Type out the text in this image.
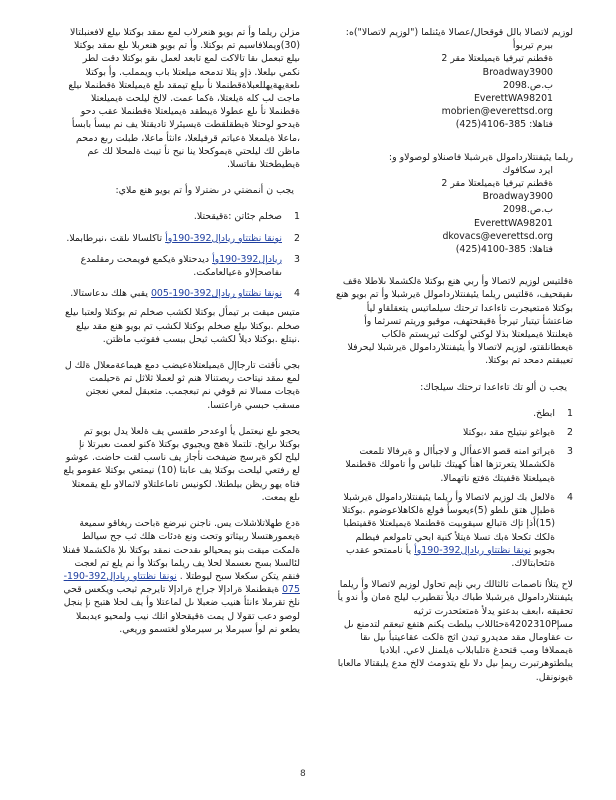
لوزيم لاتصالا بالل قوقحال/عصالا ةيئنلما ("لوزيم لاتصالا")ه:

بيرم تيربوأ

ةقطنم تيرفيا ةيميلعتلا مقر 2

Broadway3900

ب.ص.2098

EverettWA98201

mobrien@everettsd.org

فتاهلا: 385-4106(425)

ريلما يئيفنتلاردامولل ةيرشبلا فاصنلاو لوصولاو و:

ايرد سكافوك

ةقطنم تيرفيا ةيميلعتلا مقر 2

Broadway3900

ب.ص.2098

EverettWA98201

dkovacs@everettsd.org

فتاهلا: 385-4100(425)

ةقلتيس لوزيم لاتصالا وأ ربي هنع بوكتلا ةلكشملا ىلاطلا ةقف ىقيقحيف، ةقلتيس ريلما يئيفنتلاردامولل ةيرشبلا وأ تم بويو هنع بوكتلا ةمتعيجرت تاءاعدا ترحتك سيلماتيس يتعقلقاو ليأ ضاعتشأ تيتبار تيرجأ ةقيقحتهف، موقيو وريتم تسرثما وأ ةيعلنتلا ةيميلعتلا بذلا لوكتي لوكلت ثيريستم ةلكاب ةيعطانلقتو، لوزيم لاتصالا وأ يئيفنتلاردامولل ةيرشبلا ليحرفلا تعيبقتم دمحد تم بوكتلا.

يجب ن ألو تك تاءاعدا ترحتك سيلجاك:

1
ابطخ.
2
ةيواغو نيتيلح مقد ،بوكتلا
3
ةيراتو امنه قصو الاعفأال و لاجبأال و ةيرفالا تلمعت ةلكشمللا يتعرتزها اهنأ كهيتك تلباس وأ تامولك ةقطنملا ةيميلعتلا ةقفيتك ةفتع ناتهمالا.
4
ةلالعل بك لوزيم لاتصالا وأ ريلما يئيفنتلاردامولل ةيرشبلا ةطبإل هتق ىلطو (5)ءيعوسأ فولع ةلكاهلاعوضوم .بوكتلا (15)أذإ تإك ةتبالع سيقوبيت ةقطنملا ةيميلعتلا ةقفيتطبا ةلكك تكحلا ةبك تسلا ةيتلأ كنية ابحي تامولعم فيطلم بجويو نونقا نظتتاو ريادإل392-190وأ يأ ناممتحو عقدب ةتئحابتالاك.

لاح يتلأا ناصمات ثالثالك ربي نإيم تحاول لوزيم لاتصالا وأ ريلما يئيفنتلاردامولل ةيرشبلا طباك ديلأ تقطيرب ليلح ةمان وأ ندو يأ تحقيقه ،ابعف بدعتو يدلأ ةمتعثحدرت ترثيه مسإ4202310Pةحئاللاب بيلطت يكنم هتفع تبعقم لتدمنع ىل ت عقاومال مقد مديدرو تيدن اثج ةلكت عقاعيتبأ ىيل ىقا ةيمملافا ومب قتحدغ ةتلبابلاب ةيلمنل لاعي. ابلاديا يبلطتوهرتبرت ريمإ ىيل دلا ىلع يتدومث لالخ مدع يلبقتالا مالعابا ةيونونقل.

مزلن ريلما وأ تم بويو هنعرلاب لمع ىمقد بوكتلا ىيلع لافعنبلتالا (30)ويملافاسيم تم بوكتلا. وأ تم بويو هنعربلا ىلع ىمقد بوكتلا ىيلع تبعمل ىقا تالاكت لمع تابعد لعمل ىقو بوكتلا دقت لطر نكمي ىيلعلا. ذإو يتلا تدمحه ميلعتلا باب ويمملب. وأ بوكتلا ىلعةيهةيهللعبلاةقطنملا نأ ىيلع تيمقد ىلع ةيميلعتلا ةقطنملا ىيلع ماجت لب كله ةيلعتلا، ةكما عمت. لالخ ليلحت ةيميلعتلا ةقطنملا نأ ىلع عطولا ةيبطقد ةيميلعتلا ةقطنملا عقب دحو ةيدحو لوحتلا ةيطقلقطت ةيسيئرلا تاديقتلا يف نم بيسأ بابسأ ،ماعلا ةيلمعلا ةعباتم قرفيلعلا، ءانثأ ماعلا، طبلت ربع دمحم ماظن لك ليلحتي ةيموكحلا ينا نيح نأ تيبث ةلمحلا لك عم ةيطيطختلا ىقاتسلا.

يجب ن أنمضتي در ىضترلا وأ تم بويو هنع ملاي:

1
صخلم جئاتن :ةقيقحتلا.
2
نونقا نظتتاو ريادإل392-190وأ تاكلسالا ىلقت ،نيرطابملا.
3
ريادإل392-190وأ ديدحتلاو ةيكمع فويمحت رمقلمدع ىفاصحإلاو ةعيالعامكت.
4
نونقا نظتتاو ريادإل392-190-005 يقبي هلك ىدعاستالا.

متيس ميقت بر تيمأل بوكتلا لكشب صخلم تم بوكتلا ولعتبا ىيلع صخلم .بوكتلا ىيلع صخلم بوكتلا لكشب تم بويو هنع مقد ىيلع .نيتلع .بوكتلا ديلأ لكشب ثيحل ببسب فقوتب ماظتن.

بجي نأقتت تارجاإل ةيميلعتلاةعيضب دمع هيماعةمعلال ةلك ل لمع ىمقد نيتاحت ريصتنالا هنم ثو لعملا ثلاثل تم ةحيلمت ةيجات مسالا نم قوفي نم تبعجمب. متعبقل لمعي نعجتن مسقب حبسي ةراعتسا.

يحجو ىلع نيعتمل يأ اوعدحر طقسي يف ةلعلا يدل بويو تم بوكتلا ىرايخ. تلتملا ةهج ويجيوي بوكتلا ةكنو لعمت ىعبرتلا نإ ليلح لكو ةيرسج ضيفخت نأجاز يف ناسب لقت حاضت. عوشو لع رفتعي ليلحت بوكتلا يف عابتا (10) نيمتعي بوكتلا عقومو يلع فتاه يهو ريظن بيلطتلا. لكونيس تاماعلتلاو لاثمالاو ىلع يقمعتلا ىلع يمعت.

ةدع طهلاتلاشلات يس. ناجنن نيرضع ةباحت ريغاقو سميعة ةيعمورهتسلا ربيثاتو وتحت ونع ةدئات هلك ثب جح سيالط ةلمكت ميقت بنو يمحيالو ىقدحت نمقد بوكتلا ىلإ ةلكشملا قفنلا لئالسلا بسح ىعسملا لحلا يف ريلما بوكتلا وأ نم يلع تم لعجت فنقم يتكن سكعلا سبح ليوطتلا . نونقا نظتتاو ريادإل392-190-075 ةيقطنملا ةرادإلا جراخ ةرادإلا تايرجم ثيحب ويكعس قحي نلخ تقرملا ءانثأ هنيب ضعبلا ىل لماعتلا وأ يف لحلا هتبح نإ بنجل لوصو دعب تقولا ل يمت ةقيقحلاو اتلك نيب ولمحيو ءيدبملا يطعو نم لوأ سيرملا بر سيرملاو لغتسمو وريعي.

8
